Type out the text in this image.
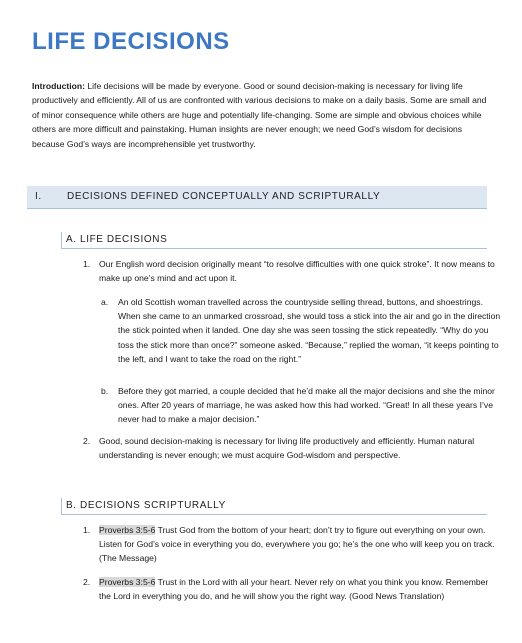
LIFE DECISIONS

Introduction: Life decisions will be made by everyone. Good or sound decision-making is necessary for living life productively and efficiently. All of us are confronted with various decisions to make on a daily basis. Some are small and of minor consequence while others are huge and potentially life-changing. Some are simple and obvious choices while others are more difficult and painstaking. Human insights are never enough; we need God’s wisdom for decisions because God’s ways are incomprehensible yet trustworthy.

I.	DECISIONS DEFINED CONCEPTUALLY AND SCRIPTURALLY
A. LIFE DECISIONS
1. Our English word decision originally meant “to resolve difficulties with one quick stroke”. It now means to make up one’s mind and act upon it.
a. An old Scottish woman travelled across the countryside selling thread, buttons, and shoestrings. When she came to an unmarked crossroad, she would toss a stick into the air and go in the direction the stick pointed when it landed. One day she was seen tossing the stick repeatedly. “Why do you toss the stick more than once?” someone asked. “Because,” replied the woman, “it keeps pointing to the left, and I want to take the road on the right.”
b. Before they got married, a couple decided that he’d make all the major decisions and she the minor ones. After 20 years of marriage, he was asked how this had worked. “Great! In all these years I’ve never had to make a major decision.”
2. Good, sound decision-making is necessary for living life productively and efficiently. Human natural understanding is never enough; we must acquire God-wisdom and perspective.
B. DECISIONS SCRIPTURALLY
1. Proverbs 3:5-6 Trust God from the bottom of your heart; don’t try to figure out everything on your own. Listen for God’s voice in everything you do, everywhere you go; he’s the one who will keep you on track. (The Message)
2. Proverbs 3:5-6 Trust in the Lord with all your heart. Never rely on what you think you know. Remember the Lord in everything you do, and he will show you the right way. (Good News Translation)
